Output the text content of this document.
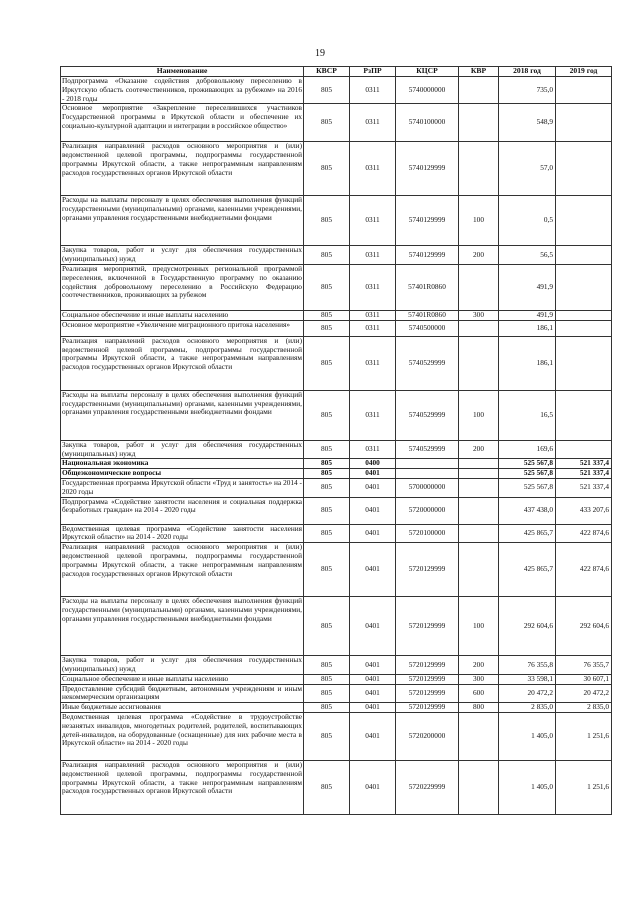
19
Наименование	КВСР	РзПР	КЦСР	КВР	2018 год	2019 год
Подпрограмма «Оказание содействия добровольному переселению в Иркутскую область соотечественников, проживающих за рубежом» на 2016 - 2018 годы	805	0311	5740000000		735,0	
Основное мероприятие «Закрепление переселившихся участников Государственной программы в Иркутской области и обеспечение их социально-культурной адаптации и интеграции в российское общество»	805	0311	5740100000		548,9	
Реализация направлений расходов основного мероприятия и (или) ведомственной целевой программы, подпрограммы государственной программы Иркутской области, а также непрограммным направлениям расходов государственных органов Иркутской области	805	0311	5740129999		57,0	
Расходы на выплаты персоналу в целях обеспечения выполнения функций государственными (муниципальными) органами, казенными учреждениями, органами управления государственными внебюджетными фондами	805	0311	5740129999	100	0,5	
Закупка товаров, работ и услуг для обеспечения государственных (муниципальных) нужд	805	0311	5740129999	200	56,5	
Реализация мероприятий, предусмотренных региональной программой переселения, включенной в Государственную программу по оказанию содействия добровольному переселению в Российскую Федерацию соотечественников, проживающих за рубежом	805	0311	57401R0860		491,9	
Социальное обеспечение и иные выплаты населению	805	0311	57401R0860	300	491,9	
Основное мероприятие «Увеличение миграционного притока населения»	805	0311	5740500000		186,1	
Реализация направлений расходов основного мероприятия и (или) ведомственной целевой программы, подпрограммы государственной программы Иркутской области, а также непрограммным направлениям расходов государственных органов Иркутской области	805	0311	5740529999		186,1	
Расходы на выплаты персоналу в целях обеспечения выполнения функций государственными (муниципальными) органами, казенными учреждениями, органами управления государственными внебюджетными фондами	805	0311	5740529999	100	16,5	
Закупка товаров, работ и услуг для обеспечения государственных (муниципальных) нужд	805	0311	5740529999	200	169,6	
Национальная экономика	805	0400			525 567,8	521 337,4
Общеэкономические вопросы	805	0401			525 567,8	521 337,4
Государственная программа Иркутской области «Труд и занятость» на 2014 - 2020 годы	805	0401	5700000000		525 567,8	521 337,4
Подпрограмма «Содействие занятости населения и социальная поддержка безработных граждан» на 2014 - 2020 годы	805	0401	5720000000		437 438,0	433 207,6
Ведомственная целевая программа «Содействие занятости населения Иркутской области» на 2014 - 2020 годы	805	0401	5720100000		425 865,7	422 874,6
Реализация направлений расходов основного мероприятия и (или) ведомственной целевой программы, подпрограммы государственной программы Иркутской области, а также непрограммным направлениям расходов государственных органов Иркутской области	805	0401	5720129999		425 865,7	422 874,6
Расходы на выплаты персоналу в целях обеспечения выполнения функций государственными (муниципальными) органами, казенными учреждениями, органами управления государственными внебюджетными фондами	805	0401	5720129999	100	292 604,6	292 604,6
Закупка товаров, работ и услуг для обеспечения государственных (муниципальных) нужд	805	0401	5720129999	200	76 355,8	76 355,7
Социальное обеспечение и иные выплаты населению	805	0401	5720129999	300	33 598,1	30 607,1
Предоставление субсидий бюджетным, автономным учреждениям и иным некоммерческим организациям	805	0401	5720129999	600	20 472,2	20 472,2
Иные бюджетные ассигнования	805	0401	5720129999	800	2 835,0	2 835,0
Ведомственная целевая программа «Содействие в трудоустройстве незанятых инвалидов, многодетных родителей, родителей, воспитывающих детей-инвалидов, на оборудованные (оснащенные) для них рабочие места в Иркутской области» на 2014 - 2020 годы	805	0401	5720200000		1 405,0	1 251,6
Реализация направлений расходов основного мероприятия и (или) ведомственной целевой программы, подпрограммы государственной программы Иркутской области, а также непрограммным направлениям расходов государственных органов Иркутской области	805	0401	5720229999		1 405,0	1 251,6
